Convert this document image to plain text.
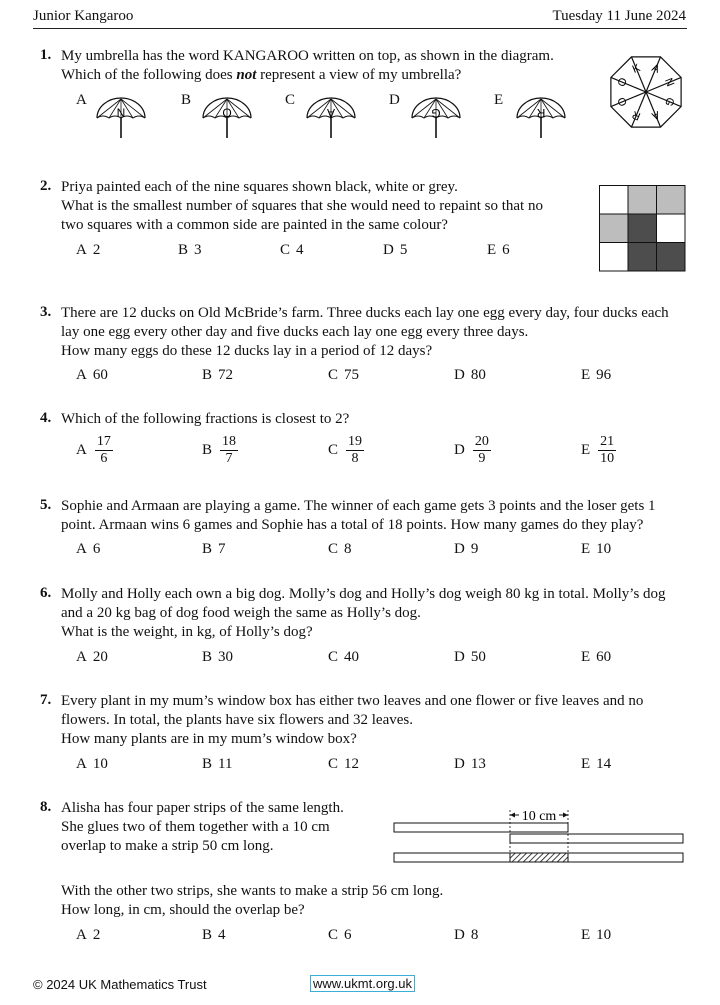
Junior Kangaroo	Tuesday 11 June 2024
1. My umbrella has the word KANGAROO written on top, as shown in the diagram.
Which of the following does not represent a view of my umbrella?
A	B	C	D	E
N	O	A	G	R
K A
N
G
A
R
O
O
2. Priya painted each of the nine squares shown black, white or grey.
What is the smallest number of squares that she would need to repaint so that no
two squares with a common side are painted in the same colour?
A 2	B 3	C 4	D 5	E 6
3. There are 12 ducks on Old McBride’s farm. Three ducks each lay one egg every day, four ducks each
lay one egg every other day and five ducks each lay one egg every three days.
How many eggs do these 12 ducks lay in a period of 12 days?
A 60	B 72	C 75	D 80	E 96
4. Which of the following fractions is closest to 2?
A $\frac{17}{6}$	B $\frac{18}{7}$	C $\frac{19}{8}$	D $\frac{20}{9}$	E $\frac{21}{10}$
5. Sophie and Armaan are playing a game. The winner of each game gets 3 points and the loser gets 1
point. Armaan wins 6 games and Sophie has a total of 18 points. How many games do they play?
A 6	B 7	C 8	D 9	E 10
6. Molly and Holly each own a big dog. Molly’s dog and Holly’s dog weigh 80 kg in total. Molly’s dog
and a 20 kg bag of dog food weigh the same as Holly’s dog.
What is the weight, in kg, of Holly’s dog?
A 20	B 30	C 40	D 50	E 60
7. Every plant in my mum’s window box has either two leaves and one flower or five leaves and no
flowers. In total, the plants have six flowers and 32 leaves.
How many plants are in my mum’s window box?
A 10	B 11	C 12	D 13	E 14
8. Alisha has four paper strips of the same length.
She glues two of them together with a 10 cm
overlap to make a strip 50 cm long.
With the other two strips, she wants to make a strip 56 cm long.
How long, in cm, should the overlap be?
A 2	B 4	C 6	D 8	E 10
10 cm
© 2024 UK Mathematics Trust	www.ukmt.org.uk
